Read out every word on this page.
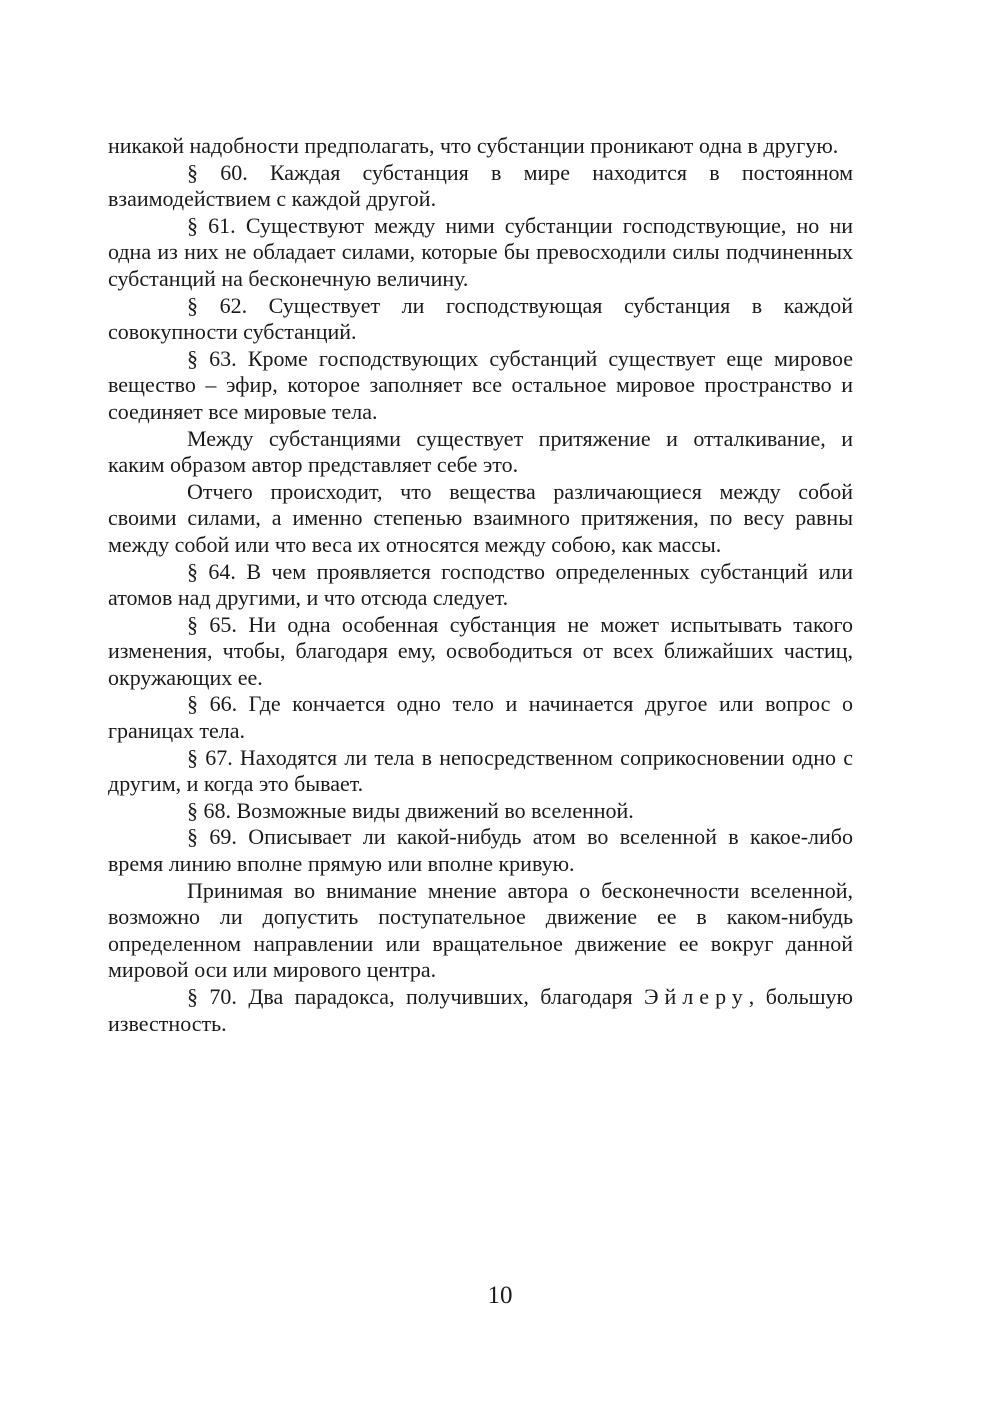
никакой надобности предполагать, что субстанции проникают одна в другую.

§ 60. Каждая субстанция в мире находится в постоянном взаимодействием с каждой другой.

§ 61. Существуют между ними субстанции господствующие, но ни одна из них не обладает силами, которые бы превосходили силы подчиненных субстанций на бесконечную величину.

§ 62. Существует ли господствующая субстанция в каждой совокупности субстанций.

§ 63. Кроме господствующих субстанций существует еще мировое вещество – эфир, которое заполняет все остальное мировое пространство и соединяет все мировые тела.

Между субстанциями существует притяжение и отталкивание, и каким образом автор представляет себе это.

Отчего происходит, что вещества различающиеся между собой своими силами, а именно степенью взаимного притяжения, по весу равны между собой или что веса их относятся между собою, как массы.

§ 64. В чем проявляется господство определенных субстанций или атомов над другими, и что отсюда следует.

§ 65. Ни одна особенная субстанция не может испытывать такого изменения, чтобы, благодаря ему, освободиться от всех ближайших частиц, окружающих ее.

§ 66. Где кончается одно тело и начинается другое или вопрос о границах тела.

§ 67. Находятся ли тела в непосредственном соприкосновении одно с другим, и когда это бывает.

§ 68. Возможные виды движений во вселенной.

§ 69. Описывает ли какой-нибудь атом во вселенной в какое-либо время линию вполне прямую или вполне кривую.

Принимая во внимание мнение автора о бесконечности вселенной, возможно ли допустить поступательное движение ее в каком-нибудь определенном направлении или вращательное движение ее вокруг данной мировой оси или мирового центра.

§ 70. Два парадокса, получивших, благодаря Эйлеру, большую известность.

10
